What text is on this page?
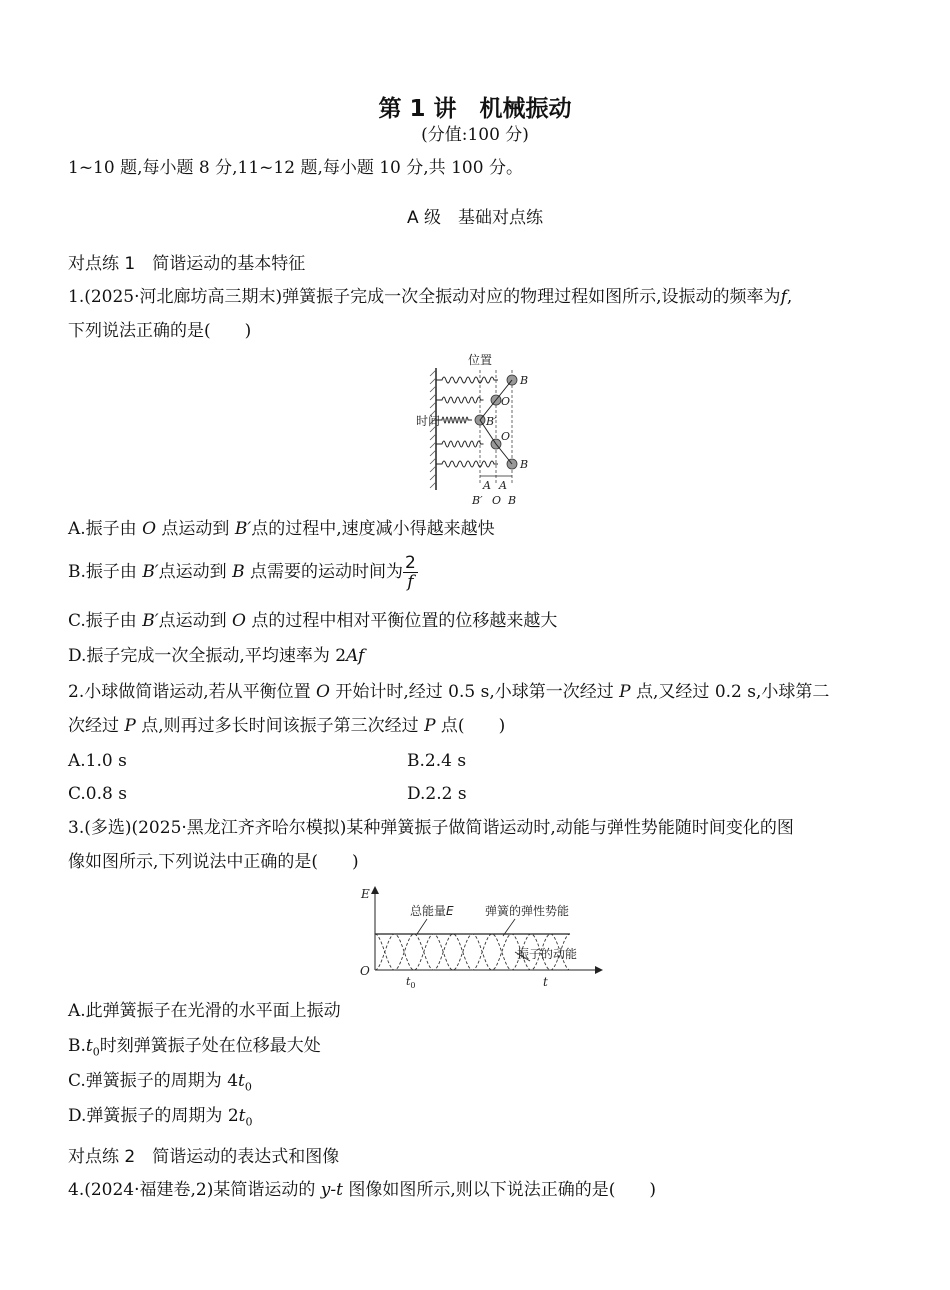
第 1 讲　机械振动
(分值:100 分)
1~10 题,每小题 8 分,11~12 题,每小题 10 分,共 100 分。
A 级　基础对点练
对点练 1　简谐运动的基本特征
1.(2025·河北廊坊高三期末)弹簧振子完成一次全振动对应的物理过程如图所示,设振动的频率为f,
下列说法正确的是(　　)
时间
位置
B
O
B′
O
B
A A
B′ O B
A.振子由 O 点运动到 B′点的过程中,速度减小得越来越快
B.振子由 B′点运动到 B 点需要的运动时间为 $\frac{2}{f}$
C.振子由 B′点运动到 O 点的过程中相对平衡位置的位移越来越大
D.振子完成一次全振动,平均速率为 2Af
2.小球做简谐运动,若从平衡位置 O 开始计时,经过 0.5 s,小球第一次经过 P 点,又经过 0.2 s,小球第二
次经过 P 点,则再过多长时间该振子第三次经过 P 点(　　)
A.1.0 s	B.2.4 s
C.0.8 s	D.2.2 s
3.(多选)(2025·黑龙江齐齐哈尔模拟)某种弹簧振子做简谐运动时,动能与弹性势能随时间变化的图
像如图所示,下列说法中正确的是(　　)
E
O
t
$t_0$
总能量E	弹簧的弹性势能
振子的动能
A.此弹簧振子在光滑的水平面上振动
$B.t_0$时刻弹簧振子处在位移最大处
C.弹簧振子的周期为 $4t_0$
D.弹簧振子的周期为 $2t_0$
对点练 2　简谐运动的表达式和图像
4.(2024·福建卷,2)某简谐运动的 y-t 图像如图所示,则以下说法正确的是(　　)
